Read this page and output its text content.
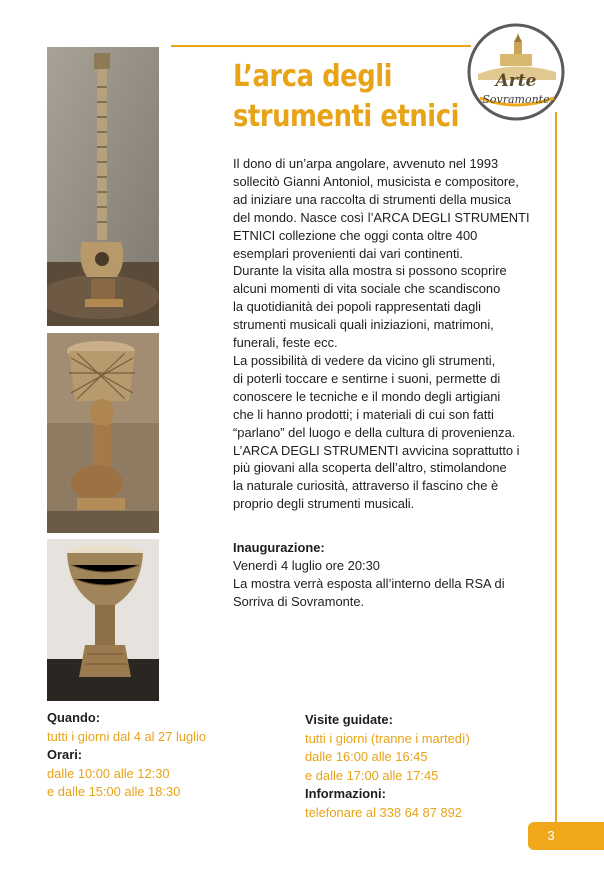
Arte
Sovramonte
L’arca degli
strumenti etnici
Il dono di un’arpa angolare, avvenuto nel 1993
sollecitò Gianni Antoniol, musicista e compositore,
ad iniziare una raccolta di strumenti della musica
del mondo. Nasce così l’ARCA DEGLI STRUMENTI
ETNICI collezione che oggi conta oltre 400
esemplari provenienti dai vari continenti.
Durante la visita alla mostra si possono scoprire
alcuni momenti di vita sociale che scandiscono
la quotidianità dei popoli rappresentati dagli
strumenti musicali quali iniziazioni, matrimoni,
funerali, feste ecc.
La possibilità di vedere da vicino gli strumenti,
di poterli toccare e sentirne i suoni, permette di
conoscere le tecniche e il mondo degli artigiani
che li hanno prodotti; i materiali di cui son fatti
“parlano” del luogo e della cultura di provenienza.
L’ARCA DEGLI STRUMENTI avvicina soprattutto i
più giovani alla scoperta dell’altro, stimolandone
la naturale curiosità, attraverso il fascino che è
proprio degli strumenti musicali.
Inaugurazione:
Venerdì 4 luglio ore 20:30
La mostra verrà esposta all’interno della RSA di
Sorriva di Sovramonte.
Quando:
tutti i giorni dal 4 al 27 luglio
Orari:
dalle 10:00 alle 12:30
e dalle 15:00 alle 18:30
Visite guidate:
tutti i giorni (tranne i martedì)
dalle 16:00 alle 16:45
e dalle 17:00 alle 17:45
Informazioni:
telefonare al 338 64 87 892
3
